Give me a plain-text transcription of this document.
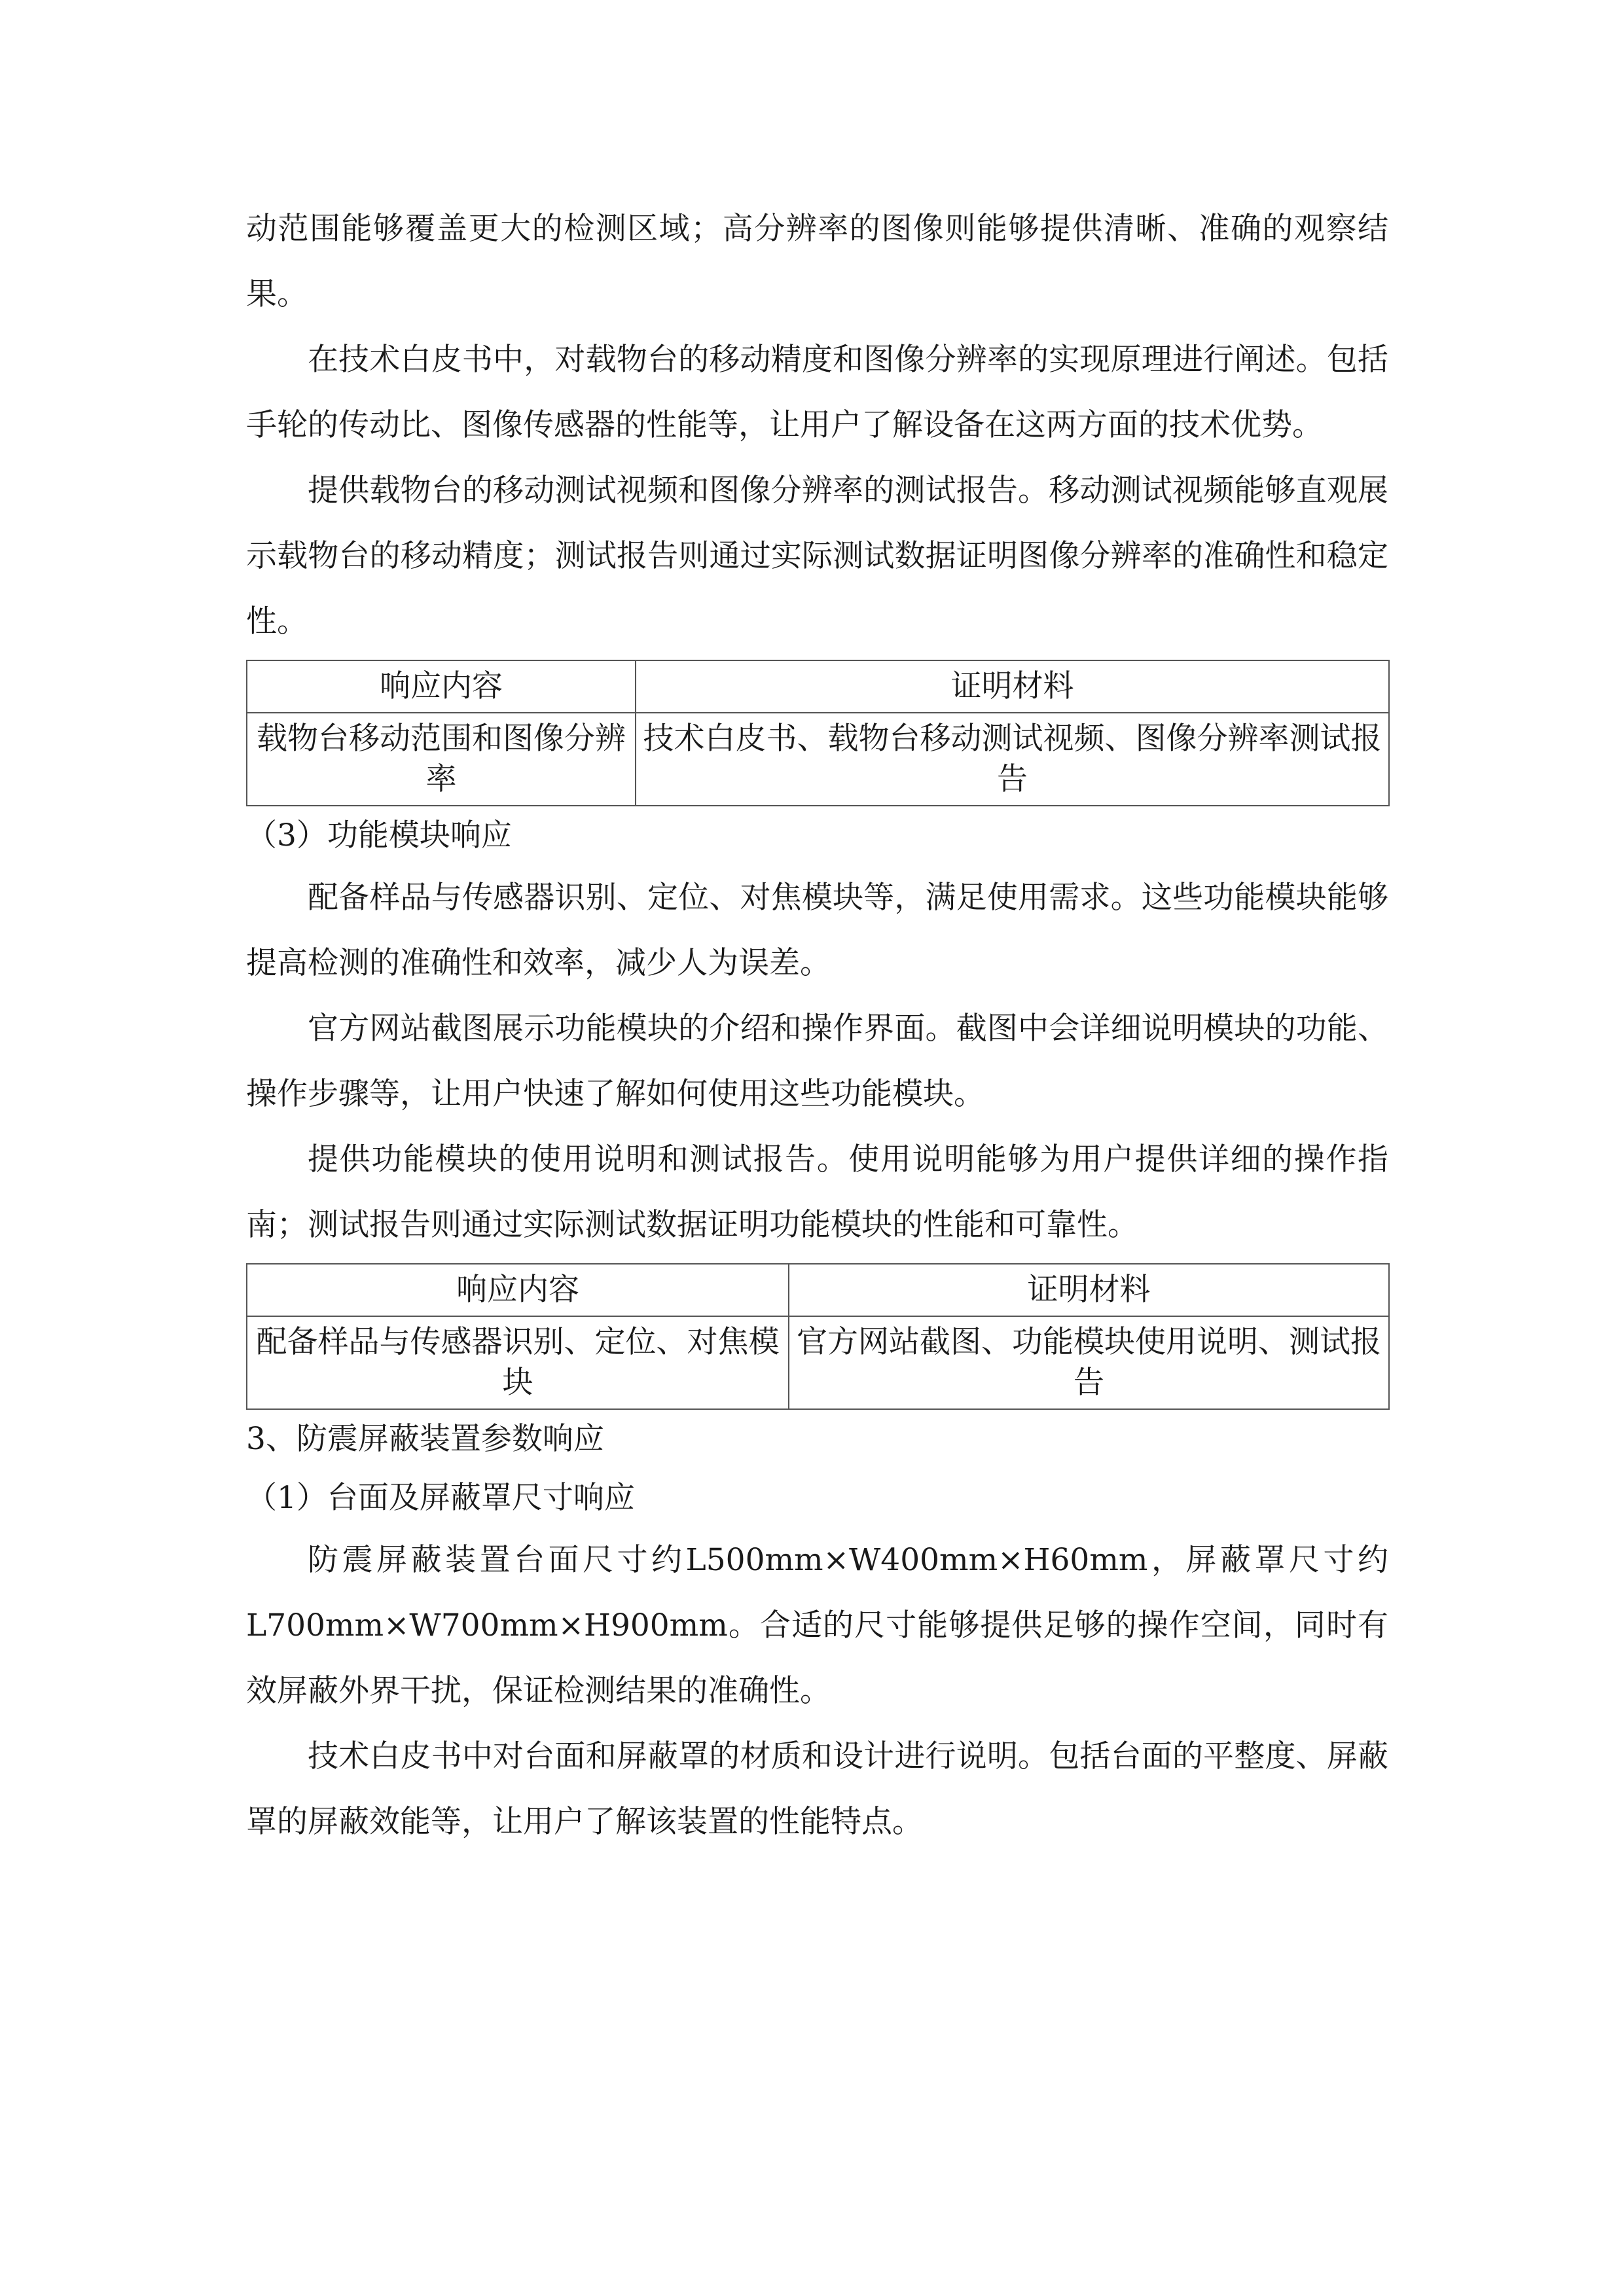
动范围能够覆盖更大的检测区域；高分辨率的图像则能够提供清晰、准确的观察结果。

在技术白皮书中，对载物台的移动精度和图像分辨率的实现原理进行阐述。包括手轮的传动比、图像传感器的性能等，让用户了解设备在这两方面的技术优势。

提供载物台的移动测试视频和图像分辨率的测试报告。移动测试视频能够直观展示载物台的移动精度；测试报告则通过实际测试数据证明图像分辨率的准确性和稳定性。

响应内容	证明材料
载物台移动范围和图像分辨率	技术白皮书、载物台移动测试视频、图像分辨率测试报告

（3）功能模块响应

配备样品与传感器识别、定位、对焦模块等，满足使用需求。这些功能模块能够提高检测的准确性和效率，减少人为误差。

官方网站截图展示功能模块的介绍和操作界面。截图中会详细说明模块的功能、操作步骤等，让用户快速了解如何使用这些功能模块。

提供功能模块的使用说明和测试报告。使用说明能够为用户提供详细的操作指南；测试报告则通过实际测试数据证明功能模块的性能和可靠性。

响应内容	证明材料
配备样品与传感器识别、定位、对焦模块	官方网站截图、功能模块使用说明、测试报告

3、防震屏蔽装置参数响应

（1）台面及屏蔽罩尺寸响应

防震屏蔽装置台面尺寸约L500mm×W400mm×H60mm，屏蔽罩尺寸约L700mm×W700mm×H900mm。合适的尺寸能够提供足够的操作空间，同时有效屏蔽外界干扰，保证检测结果的准确性。

技术白皮书中对台面和屏蔽罩的材质和设计进行说明。包括台面的平整度、屏蔽罩的屏蔽效能等，让用户了解该装置的性能特点。
